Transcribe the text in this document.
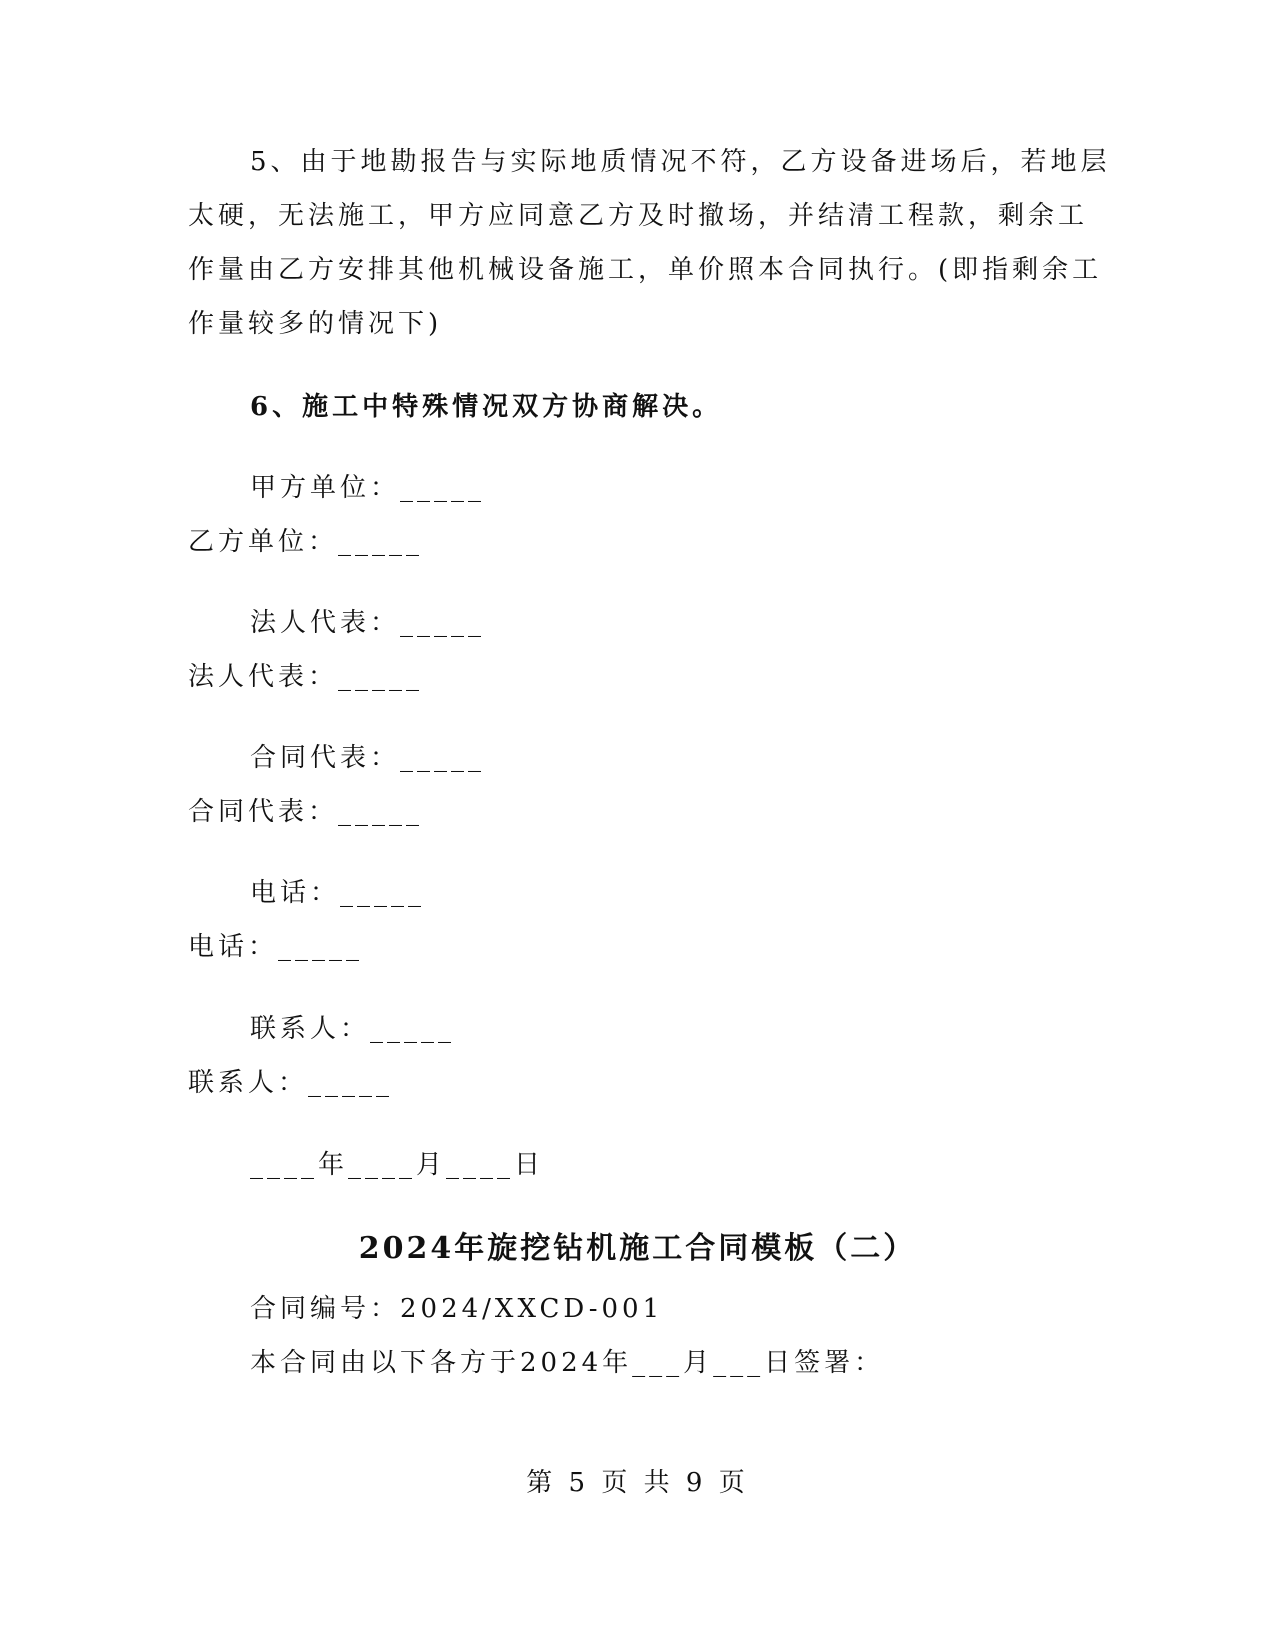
5、由于地勘报告与实际地质情况不符，乙方设备进场后，若地层
太硬，无法施工，甲方应同意乙方及时撤场，并结清工程款，剩余工
作量由乙方安排其他机械设备施工，单价照本合同执行。(即指剩余工
作量较多的情况下)
6、施工中特殊情况双方协商解决。
甲方单位：_____
乙方单位：_____
法人代表：_____
法人代表：_____
合同代表：_____
合同代表：_____
电话：_____
电话：_____
联系人：_____
联系人：_____
____年____月____日
2024年旋挖钻机施工合同模板（二）
合同编号：2024/XXCD-001
本合同由以下各方于2024年___月___日签署：
第 5 页 共 9 页
